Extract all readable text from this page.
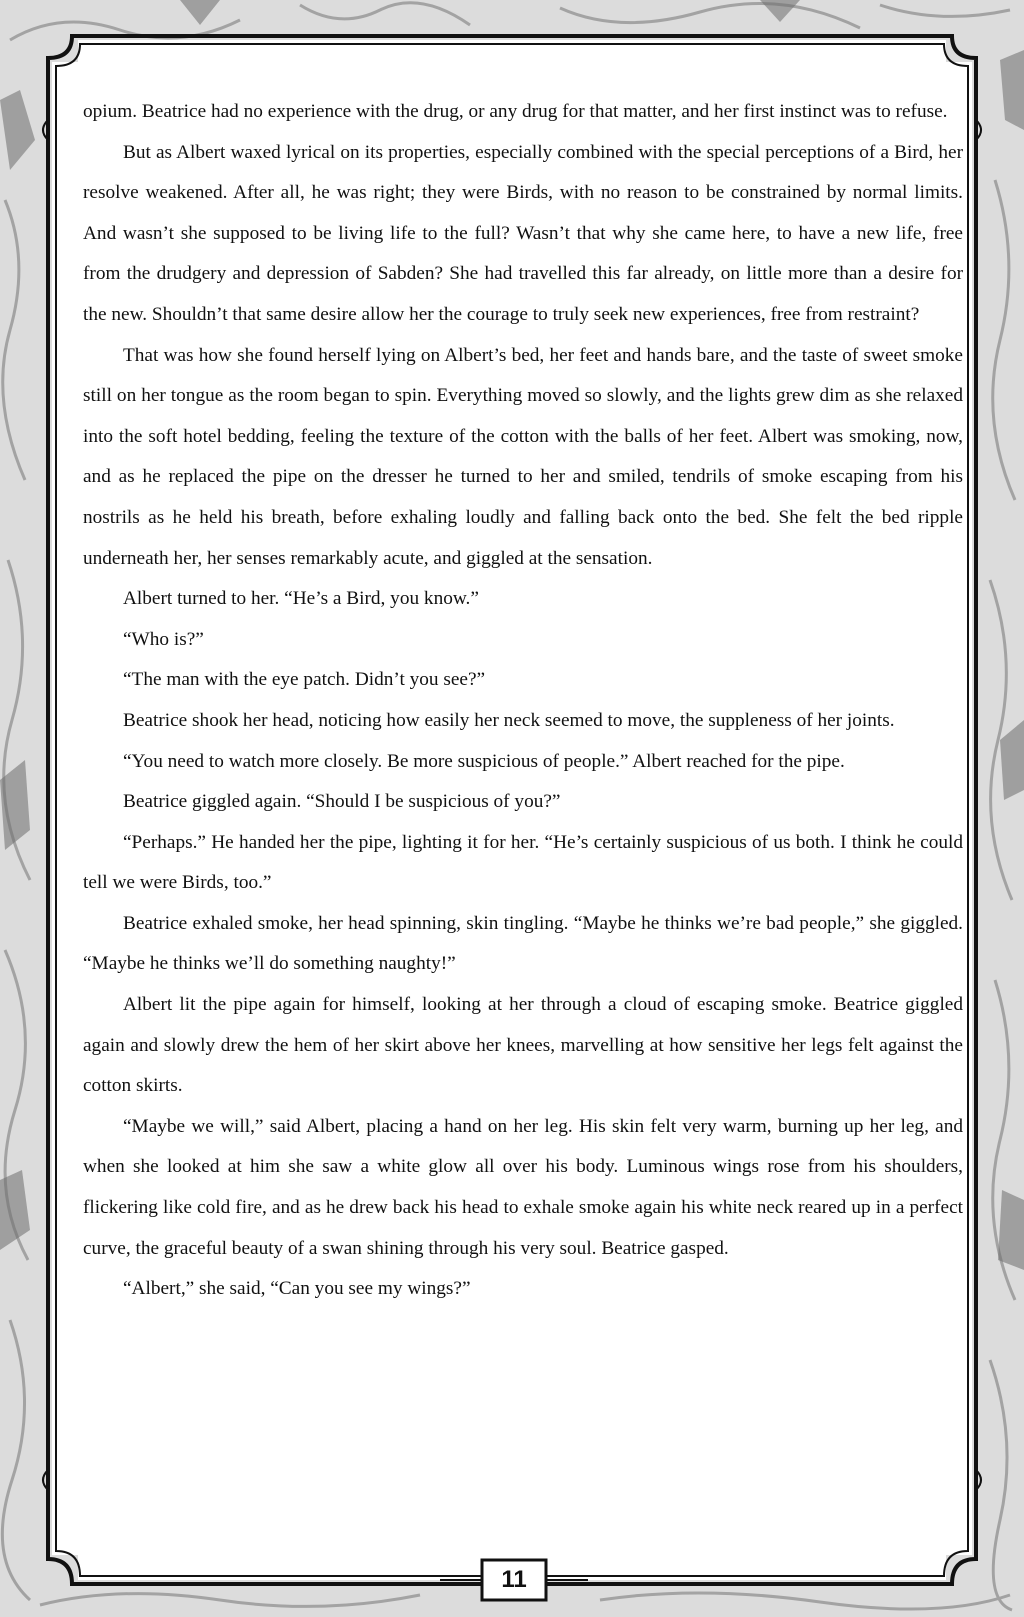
opium. Beatrice had no experience with the drug, or any drug for that matter, and her first instinct was to refuse.

But as Albert waxed lyrical on its properties, especially combined with the special perceptions of a Bird, her resolve weakened. After all, he was right; they were Birds, with no reason to be constrained by normal limits. And wasn’t she supposed to be living life to the full? Wasn’t that why she came here, to have a new life, free from the drudgery and depression of Sabden? She had travelled this far already, on little more than a desire for the new. Shouldn’t that same desire allow her the courage to truly seek new experiences, free from restraint?

That was how she found herself lying on Albert’s bed, her feet and hands bare, and the taste of sweet smoke still on her tongue as the room began to spin. Everything moved so slowly, and the lights grew dim as she relaxed into the soft hotel bedding, feeling the texture of the cotton with the balls of her feet. Albert was smoking, now, and as he replaced the pipe on the dresser he turned to her and smiled, tendrils of smoke escaping from his nostrils as he held his breath, before exhaling loudly and falling back onto the bed. She felt the bed ripple underneath her, her senses remarkably acute, and giggled at the sensation.

Albert turned to her. “He’s a Bird, you know.”

“Who is?”

“The man with the eye patch. Didn’t you see?”

Beatrice shook her head, noticing how easily her neck seemed to move, the suppleness of her joints.

“You need to watch more closely. Be more suspicious of people.” Albert reached for the pipe.

Beatrice giggled again. “Should I be suspicious of you?”

“Perhaps.” He handed her the pipe, lighting it for her. “He’s certainly suspicious of us both. I think he could tell we were Birds, too.”

Beatrice exhaled smoke, her head spinning, skin tingling. “Maybe he thinks we’re bad people,” she giggled. “Maybe he thinks we’ll do something naughty!”

Albert lit the pipe again for himself, looking at her through a cloud of escaping smoke. Beatrice giggled again and slowly drew the hem of her skirt above her knees, marvelling at how sensitive her legs felt against the cotton skirts.

“Maybe we will,” said Albert, placing a hand on her leg. His skin felt very warm, burning up her leg, and when she looked at him she saw a white glow all over his body. Luminous wings rose from his shoulders, flickering like cold fire, and as he drew back his head to exhale smoke again his white neck reared up in a perfect curve, the graceful beauty of a swan shining through his very soul. Beatrice gasped.

“Albert,” she said, “Can you see my wings?”

11
